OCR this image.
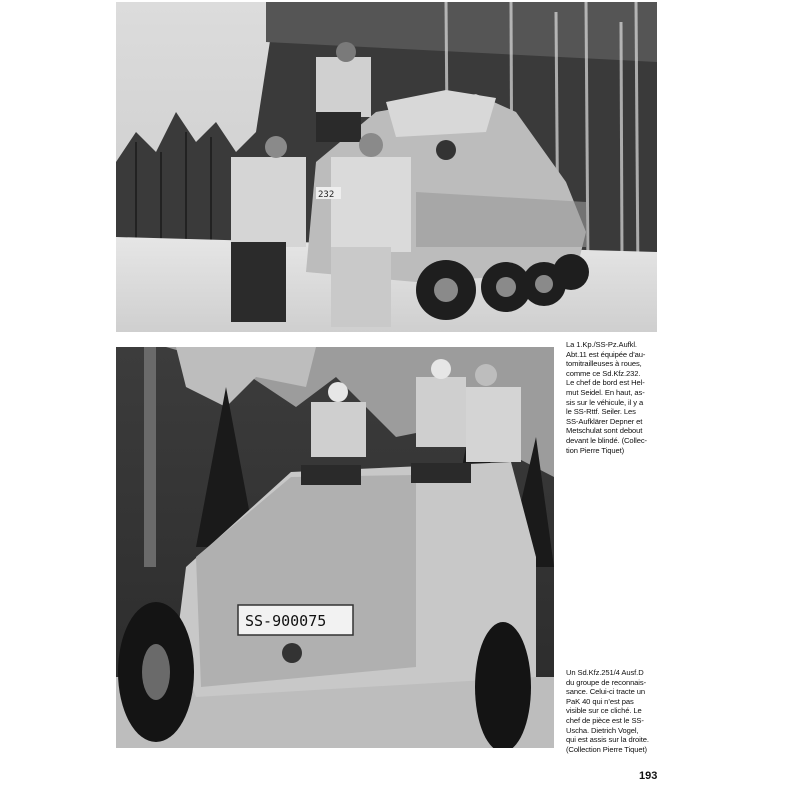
232
SS-900075
La 1.Kp./SS-Pz.Aufkl.
Abt.11 est équipée d’au-
tomitrailleuses à roues,
comme ce Sd.Kfz.232.
Le chef de bord est Hel-
mut Seidel. En haut, as-
sis sur le véhicule, il y a
le SS-Rttf. Seiler. Les
SS-Aufklärer Depner et
Metschulat sont debout
devant le blindé. (Collec-
tion Pierre Tiquet)
Un Sd.Kfz.251/4 Ausf.D
du groupe de reconnais-
sance. Celui-ci tracte un
PaK 40 qui n’est pas
visible sur ce cliché. Le
chef de pièce est le SS-
Uscha. Dietrich Vogel,
qui est assis sur la droite.
(Collection Pierre Tiquet)
193
